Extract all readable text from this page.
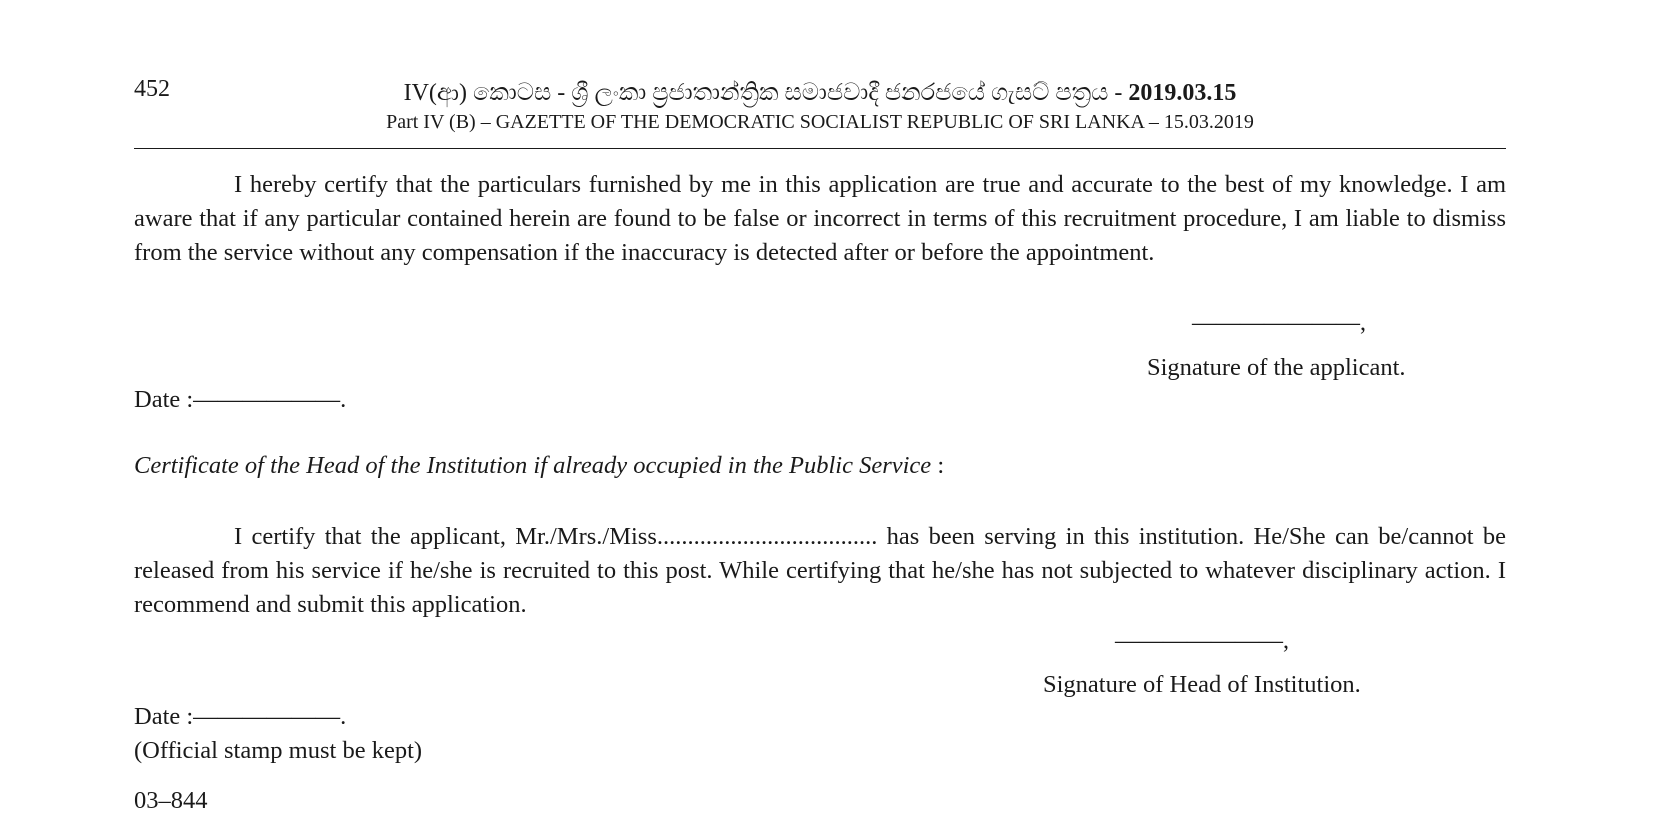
452	IV(ආ) කොටස - ශ්‍රී ලංකා ප්‍රජාතාන්ත්‍රික සමාජවාදී ජනරජයේ ගැසට් පත්‍රය - 2019.03.15
Part IV (B) – GAZETTE OF THE DEMOCRATIC SOCIALIST REPUBLIC OF SRI LANKA – 15.03.2019

I hereby certify that the particulars furnished by me in this application are true and accurate to the best of my knowledge. I am aware that if any particular contained herein are found to be false or incorrect in terms of this recruitment procedure, I am liable to dismiss from the service without any compensation if the inaccuracy is detected after or before the appointment.

———————,
Signature of the applicant.
Date :——————.
Certificate of the Head of the Institution if already occupied in the Public Service :

I certify that the applicant, Mr./Mrs./Miss.................................... has been serving in this institution. He/She can be/cannot be released from his service if he/she is recruited to this post. While certifying that he/she has not subjected to whatever disciplinary action. I recommend and submit this application.

———————,
Signature of Head of Institution.
Date :——————.
(Official stamp must be kept)
03–844
